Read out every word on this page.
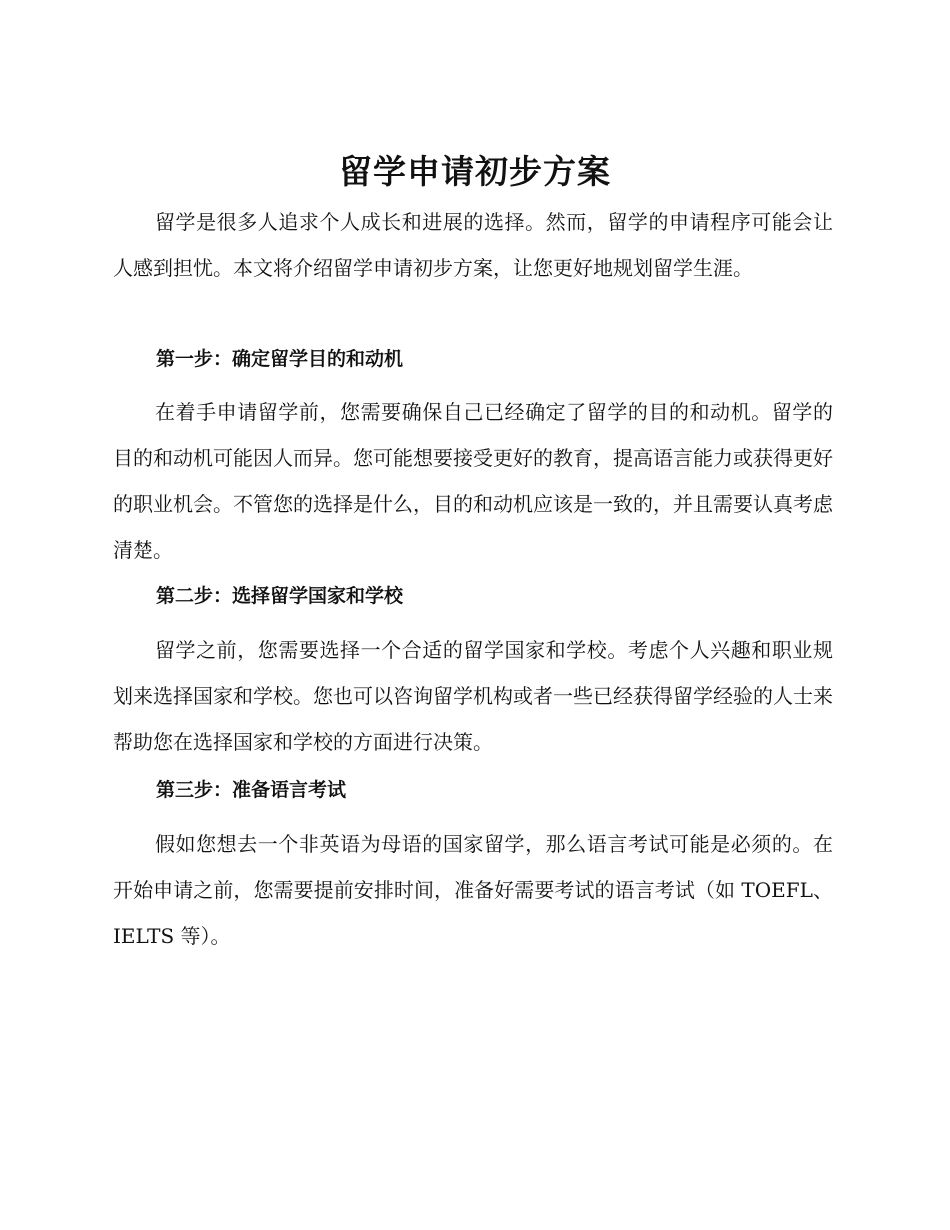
留学申请初步方案

留学是很多人追求个人成长和进展的选择。然而，留学的申请程序可能会让人感到担忧。本文将介绍留学申请初步方案，让您更好地规划留学生涯。

第一步：确定留学目的和动机

在着手申请留学前，您需要确保自己已经确定了留学的目的和动机。留学的目的和动机可能因人而异。您可能想要接受更好的教育，提高语言能力或获得更好的职业机会。不管您的选择是什么，目的和动机应该是一致的，并且需要认真考虑清楚。

第二步：选择留学国家和学校

留学之前，您需要选择一个合适的留学国家和学校。考虑个人兴趣和职业规划来选择国家和学校。您也可以咨询留学机构或者一些已经获得留学经验的人士来帮助您在选择国家和学校的方面进行决策。

第三步：准备语言考试

假如您想去一个非英语为母语的国家留学，那么语言考试可能是必须的。在开始申请之前，您需要提前安排时间，准备好需要考试的语言考试（如 TOEFL、IELTS 等）。
